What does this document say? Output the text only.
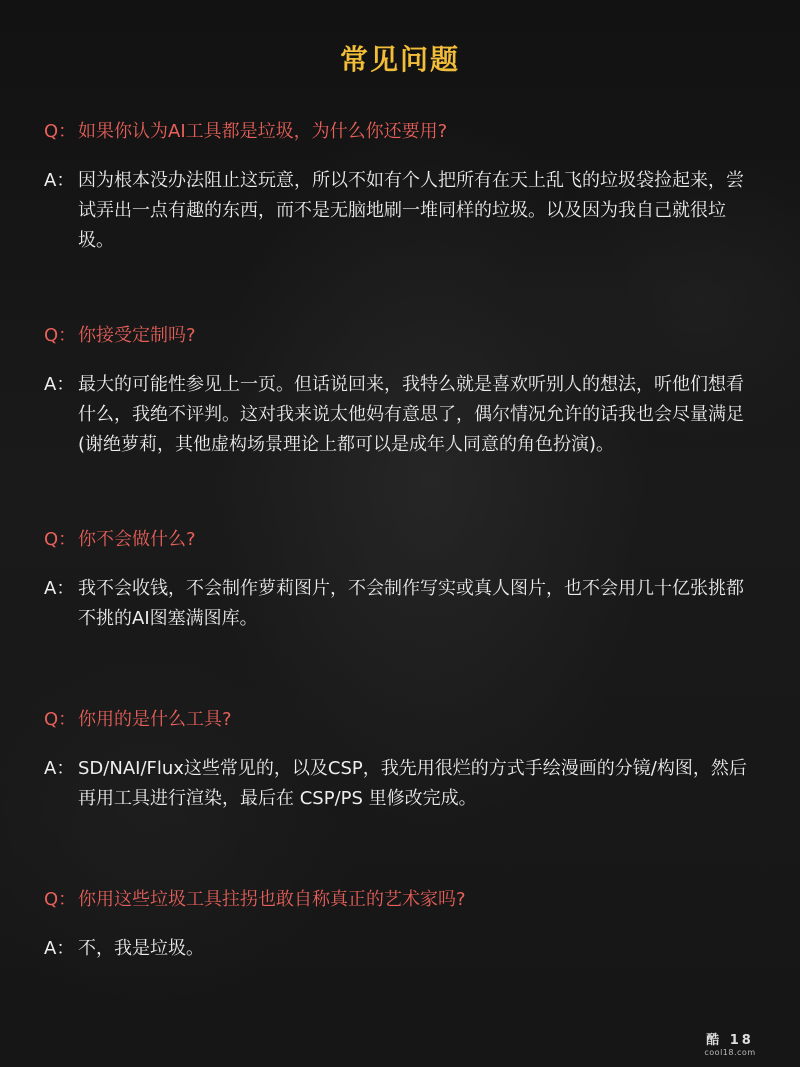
常见问题
Q： 如果你认为AI工具都是垃圾，为什么你还要用?
A： 因为根本没办法阻止这玩意，所以不如有个人把所有在天上乱飞的垃圾袋捡起来，尝试弄出一点有趣的东西，而不是无脑地刷一堆同样的垃圾。以及因为我自己就很垃圾。
Q： 你接受定制吗?
A： 最大的可能性参见上一页。但话说回来，我特么就是喜欢听别人的想法，听他们想看什么，我绝不评判。这对我来说太他妈有意思了，偶尔情况允许的话我也会尽量满足(谢绝萝莉，其他虚构场景理论上都可以是成年人同意的角色扮演)。
Q： 你不会做什么?
A： 我不会收钱，不会制作萝莉图片，不会制作写实或真人图片，也不会用几十亿张挑都不挑的AI图塞满图库。
Q： 你用的是什么工具?
A： SD/NAI/Flux这些常见的，以及CSP，我先用很烂的方式手绘漫画的分镜/构图，然后再用工具进行渲染，最后在 CSP/PS 里修改完成。
Q： 你用这些垃圾工具拄拐也敢自称真正的艺术家吗?
A： 不，我是垃圾。
酷 18
cool18.com
